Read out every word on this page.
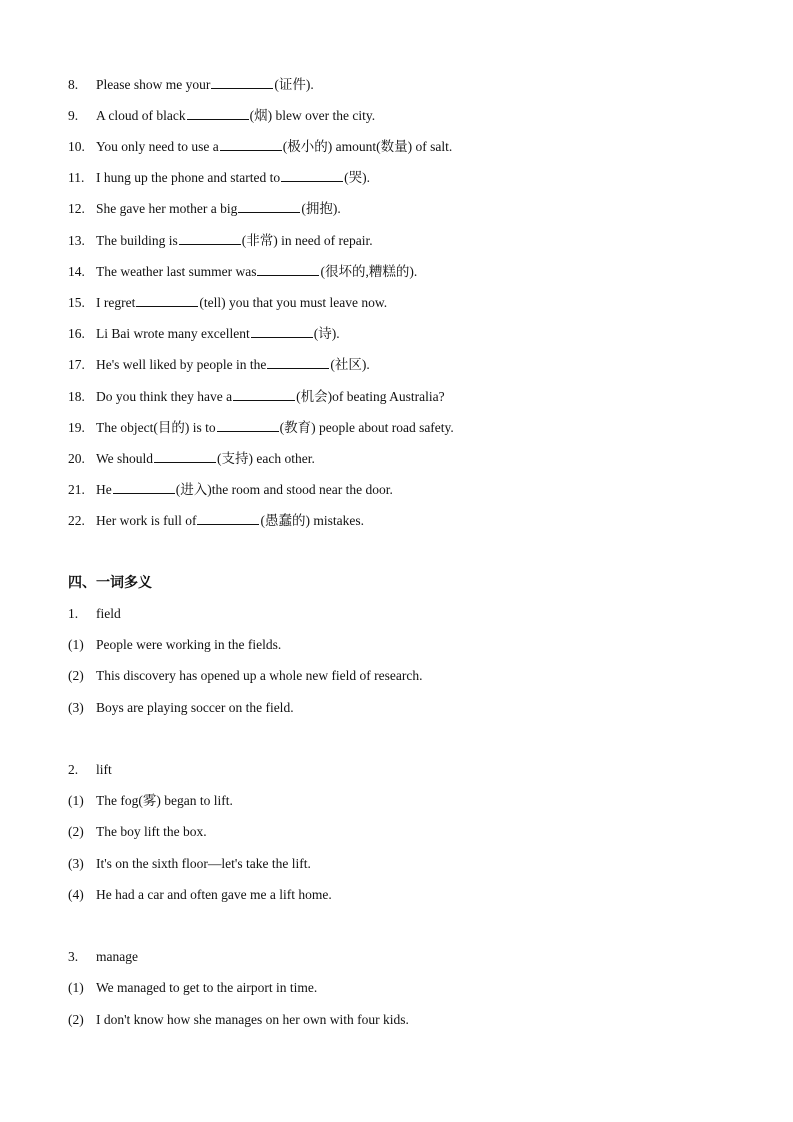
8. Please show me your	(证件).
9. A cloud of black	(烟) blew over the city.
10. You only need to use a	(极小的) amount(数量) of salt.
11. I hung up the phone and started to	(哭).
12. She gave her mother a big	(拥抱).
13. The building is	(非常) in need of repair.
14. The weather last summer was	(很坏的,糟糕的).
15. I regret	(tell) you that you must leave now.
16. Li Bai wrote many excellent	(诗).
17. He's well liked by people in the	(社区).
18. Do you think they have a	(机会)of beating Australia?
19. The object(目的) is to	(教育) people about road safety.
20. We should	(支持) each other.
21. He	(进入)the room and stood near the door.
22. Her work is full of	(愚蠢的) mistakes.
四、一词多义
1. field
(1) People were working in the fields.
(2) This discovery has opened up a whole new field of research.
(3) Boys are playing soccer on the field.
2. lift
(1) The fog(雾) began to lift.
(2) The boy lift the box.
(3) It's on the sixth floor—let's take the lift.
(4) He had a car and often gave me a lift home.
3. manage
(1) We managed to get to the airport in time.
(2) I don't know how she manages on her own with four kids.
